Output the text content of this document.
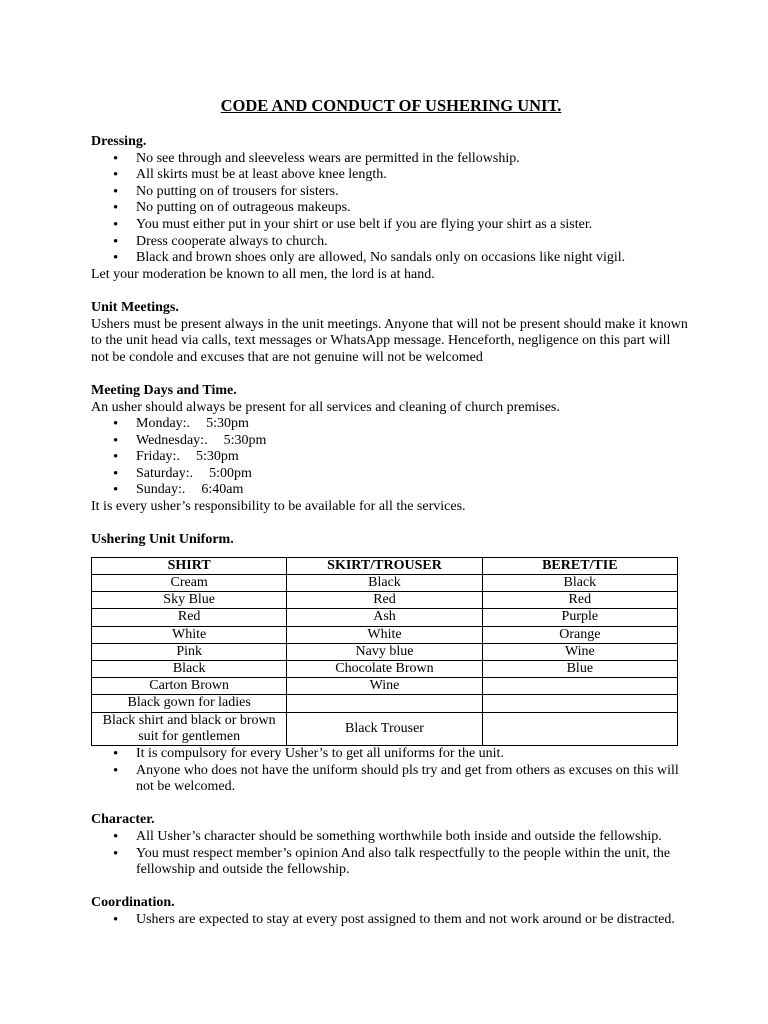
CODE AND CONDUCT OF USHERING UNIT.

Dressing.

• No see through and sleeveless wears are permitted in the fellowship.
• All skirts must be at least above knee length.
• No putting on of trousers for sisters.
• No putting on of outrageous makeups.
• You must either put in your shirt or use belt if you are flying your shirt as a sister.
• Dress cooperate always to church.
• Black and brown shoes only are allowed, No sandals only on occasions like night vigil.

Let your moderation be known to all men, the lord is at hand.

Unit Meetings.

Ushers must be present always in the unit meetings. Anyone that will not be present should make it known to the unit head via calls, text messages or WhatsApp message. Henceforth, negligence on this part will not be condole and excuses that are not genuine will not be welcomed

Meeting Days and Time.

An usher should always be present for all services and cleaning of church premises.

• Monday:. 5:30pm
• Wednesday:. 5:30pm
• Friday:. 5:30pm
• Saturday:. 5:00pm
• Sunday:. 6:40am

It is every usher’s responsibility to be available for all the services.

Ushering Unit Uniform.

SHIRT	SKIRT/TROUSER	BERET/TIE
Cream	Black	Black
Sky Blue	Red	Red
Red	Ash	Purple
White	White	Orange
Pink	Navy blue	Wine
Black	Chocolate Brown	Blue
Carton Brown	Wine	
Black gown for ladies		
Black shirt and black or brown suit for gentlemen	Black Trouser	
• It is compulsory for every Usher’s to get all uniforms for the unit.
• Anyone who does not have the uniform should pls try and get from others as excuses on this will not be welcomed.

Character.

• All Usher’s character should be something worthwhile both inside and outside the fellowship.
• You must respect member’s opinion And also talk respectfully to the people within the unit, the fellowship and outside the fellowship.

Coordination.

• Ushers are expected to stay at every post assigned to them and not work around or be distracted.
